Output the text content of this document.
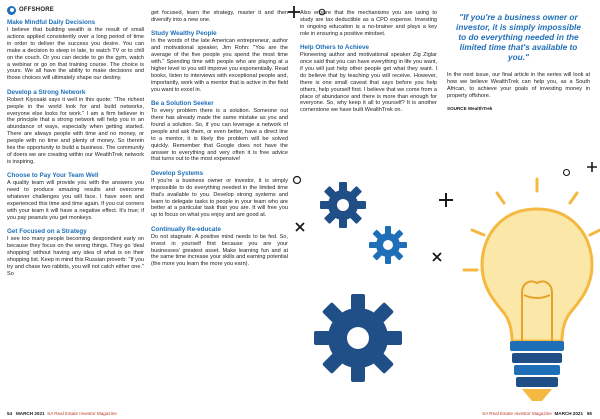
OFFSHORE
Make Mindful Daily Decisions

I believe that building wealth is the result of small actions applied consistently over a long period of time in order to deliver the success you desire. You can make a decision to sleep in late, to watch TV or to chill on the couch. Or you can decide to go the gym, watch a webinar or go on that training course. The choice is yours. We all have the ability to make decisions and those choices will ultimately shape our destiny.

Develop a Strong Network

Robert Kiyosaki says it well in this quote: "The richest people in the world look for and build networks, everyone else looks for work." I am a firm believer in the principle that a strong network will help you in an abundance of ways, especially when getting started. There are always people with time and no money, or people with no time and plenty of money. So therein lies the opportunity to build a business. The community of doers we are creating within our WealthTrek network is inspiring.

Choose to Pay Your Team Well

A quality team will provide you with the answers you need to produce amazing results and overcome whatever challenges you will face. I have seen and experienced this time and time again. If you cut corners with your team it will have a negative effect. It's true; if you pay peanuts you get monkeys.

Get Focused on a Strategy

I see too many people becoming despondent early on because they focus on the wrong things. They go 'deal shopping' without having any idea of what is on their shopping list. Keep in mind this Russian proverb: "If you try and chase two rabbits, you will not catch either one." So

get focused, learn the strategy, master it and then diversify into a new one.

Study Wealthy People

In the words of the late American entrepreneur, author and motivational speaker, Jim Rohn: "You are the average of the five people you spend the most time with." Spending time with people who are playing at a higher level to you will improve you exponentially. Read books, listen to interviews with exceptional people and, importantly, work with a mentor that is active in the field you want to excel in.

Be a Solution Seeker

To every problem there is a solution. Someone out there has already made the same mistake as you and found a solution. So, if you can leverage a network of people and ask them, or even better, have a direct line to a mentor, it is likely the problem will be solved quickly. Remember that Google does not have the answer to everything and very often it is free advice that turns out to the most expensive!

Develop Systems

If you're a business owner or investor, it is simply impossible to do everything needed in the limited time that's available to you. Develop strong systems and learn to delegate tasks to people in your team who are better at a particular task than you are. It will free you up to focus on what you enjoy and are good at.

Continually Re-educate

Do not stagnate. A positive mind needs to be fed. So, invest in yourself first because you are your businesses' greatest asset. Make learning fun and at the same time increase your skills and earning potential (the more you learn the more you earn).

Also ensure that the mechanisms you are using to study are tax deductible as a CPD expense. Investing in ongoing education is a no-brainer and plays a key role in ensuring a positive mindset.

Help Others to Achieve

Pioneering author and motivational speaker Zig Ziglar once said that you can have everything in life you want, if you will just help other people get what they want. I do believe that by teaching you will receive. However, there is one small caveat that says before you help others, help yourself first. I believe that we come from a place of abundance and there is more than enough for everyone. So, why keep it all to yourself? It is another cornerstone we have built WealthTrek on.

"If you're a business owner or investor, it is simply impossible to do everything needed in the limited time that's available to you."

In the next issue, our final article in the series will look at how we believe WealthTrek can help you, as a South African, to achieve your goals of investing money in property offshore.

SOURCE WealthTrek
54 MARCH 2021 SA Real Estate Investor Magazine	SA Real Estate Investor Magazine MARCH 2021 55
